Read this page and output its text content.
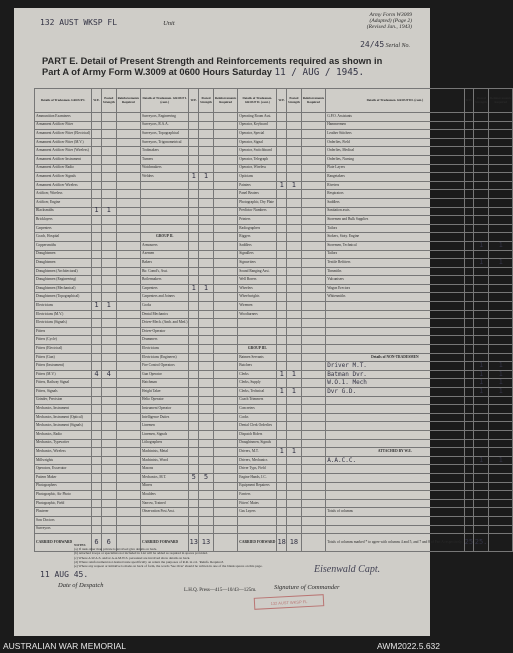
132 AUST WKSP FL	Unit
Army Form W3009
(Adapted) (Page 2)
(Revised Jan., 1943)
24/45 Serial No.
PART E. Detail of Present Strength and Reinforcements required as shown in
Part A of Army Form W.3009 at 0600 Hours Saturday 11 / AUG / 1945.
Details of Tradesmen. GROUP I.	W.E.	Posted Strength	Reinforcements Required	Details of Tradesmen. GROUP I. (cont.)	W.E.	Posted Strength	Reinforcements Required	Details of Tradesmen. GROUP II. (cont.)	W.E.	Posted Strength	Reinforcements Required	Details of Tradesmen. GROUP III. (cont.)	W.E.	Posted Strength	Reinforcements Required
Ammunition Examiners				Surveyors, Engineering				Operating Room Asst.				G.P.O. Assistants			
Armament Artificer Fitter				Surveyors, R.A.A.				Operator, Keyboard				Hammermen			
Armament Artificer Fitter (Electrical)				Surveyors, Topographical				Operator, Special				Leather Stitchers			
Armament Artificer Fitter (M.V.)				Surveyors, Trigonometrical				Operator, Signal				Orderlies, Field			
Armament Artificer Fitter (Wireless)				Toolmakers				Operator, Switchboard				Orderlies, Medical			
Armament Artificer Instrument				Turners				Operator, Telegraph				Orderlies, Nursing			
Armament Artificer Radio				Watchmakers				Operator, Wireless				Plate Layers			
Armament Artificer Signals				Welders	1	1		Opticians				Rangetakers			
Armament Artificer Wireless								Painters	1	1		Riveters			
Artificer, Wireless								Panel Beaters				Respirators			
Artificer, Engine								Photographic, Dry Plate				Saddlers			
Blacksmiths	1	1						Predictor Numbers				Sanitation assts.			
Bricklayers								Printers				Storemen and Bulk Supplies			
Carpenters								Radiographers				Tailors			
Coach, Hospital				GROUP II.				Riggers				Stokers, Stoty. Engine			
Coppersmiths				Armourers				Saddlers				Storemen, Technical		1	1
Draughtsmen				Axemen				Signallers				Tailors			
Draughtsmen				Bakers				Signwriters				Textile Refitters		1	1
Draughtsmen (Architectural)				Bir. Comd's, Asst.				Sound Ranging Asst.				Tinsmiths			
Draughtsmen (Engineering)				Boilermakers				Well Borers				Vulcanisers			
Draughtsmen (Mechanical)				Carpenters	1	1		Wheelers				Wagon Erectors			
Draughtsmen (Topographical)				Carpenters and Joiners				Wheelwrights				Whitesmiths			
Electricians	1	1		Cooks				Wiremen							
Electricians (M.V.)				Dental Mechanics				Woodturners							
Electricians (Signals)				Driver-Mech. (Amb. and Med.)											
Fitters				Driver-Operator											
Fitters (Cycle)				Drummers											
Fitters (Electrical)				Electricians				GROUP III.							
Fitters (Gun)				Electricians (Engineers)				Batmen Servants				Details of NON-TRADESMEN			
Fitters (Instrument)				Fire Control Operators				Butchers				Driver M.T.		1	1
Fitters (M.V.)	4	4		Gun Operator				Clerks	1	1		Batman Dvr.		1	1
Fitters, Railway Signal				Hatchman				Clerks, Supply				W.O.1. Mech		1	1
Fitters, Signals				Height Taker				Clerks, Technical	1	1		Dvr G.D.		1	1
Grinder, Precision				Helio Operator				Coach Trimmers							
Mechanics, Instrument				Instrument Operator				Concreters							
Mechanics, Instrument (Optical)				Intelligence Duties				Cooks							
Mechanics, Instrument (Signals)				Linemen				Dental Clerk Orderlies							
Mechanics, Radio				Linemen, Signals				Dispatch Riders							
Mechanics, Typewriter				Lithographers				Draughtsmen, Signals							
Mechanics, Wireless				Machinists, Metal				Drivers, M.T.	1	1		ATTACHED BY W.E.			
Millwrights				Machinists, Wood				Drivers, Mechanics				A.A.C.C.		1	1
Operators, Excavator				Masons				Driver Typs, Field							
Pattern Maker				Mechanics, M.T.	5	5		Engine Hands, I.C.							
Photographers				Miners				Equipment Repairers							
Photographic, Air Photo				Moulders				Farriers							
Photographic, Field				Narrow, Trained				Fitters' Mates							
Plasterer				Observation Post Asst.				Gas Layers				Totals of columns			
Saw Doctors															
Surveyors															
CARRIED FORWARD	6	6		CARRIED FORWARD	13	13		CARRIED FORWARD	18	18		Totals of columns marked * to agree with columns 4 and 5, and 7 and 8 of Part A respectively.	25	25.	
NOTES
(a) If rank other than private is involved give details on back.
(b) Attached troops or specialists not included in List will be added as required in spaces provided.
(c) Where A.W.A.S. and/or A.A.M.W.S. personnel are involved show details on back.
(d) Where reinforcement not desired state specifically on return the purposes of R.R. in col. 'Reinfs. Required'.
(e) Where any request or initiative is made on back of form, the words 'See Over' should be written in one of the blank spaces on this page.
11 AUG 45.
Date of Despatch
L.H.Q. Press—415—10/43—125m.
Eisenwald Capt.
Signature of Commander
132 AUST WKSP FL
AUSTRALIAN WAR MEMORIAL	AWM2022.5.632
